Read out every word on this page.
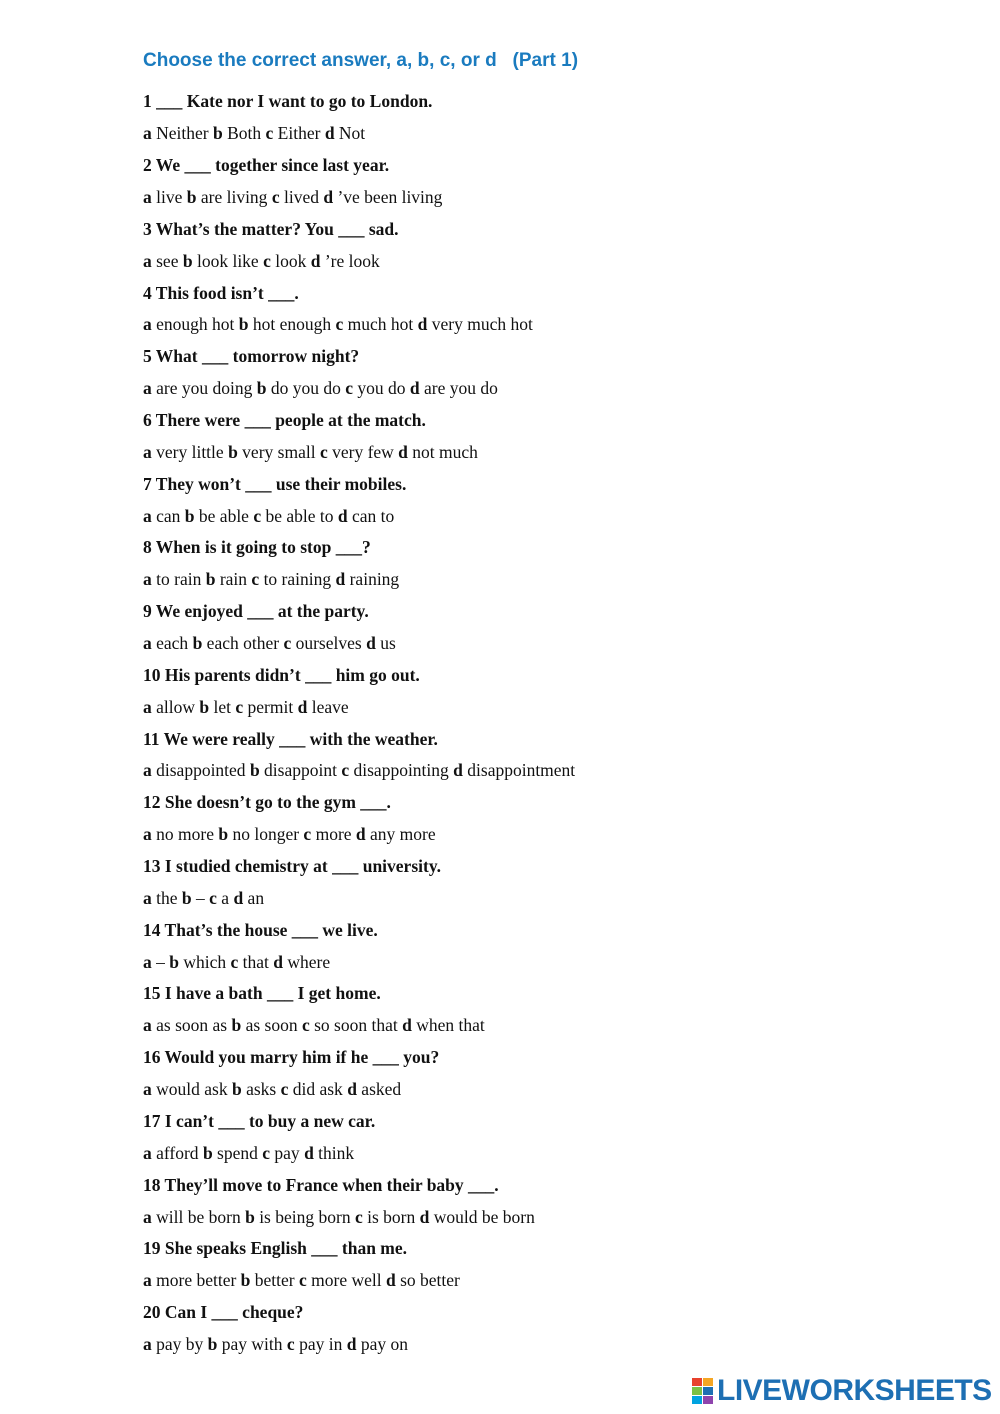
Choose the correct answer, a, b, c, or d   (Part 1)
1 ___ Kate nor I want to go to London.
a Neither b Both c Either d Not
2 We ___ together since last year.
a live b are living c lived d ’ve been living
3 What’s the matter? You ___ sad.
a see b look like c look d ’re look
4 This food isn’t ___.
a enough hot b hot enough c much hot d very much hot
5 What ___ tomorrow night?
a are you doing b do you do c you do d are you do
6 There were ___ people at the match.
a very little b very small c very few d not much
7 They won’t ___ use their mobiles.
a can b be able c be able to d can to
8 When is it going to stop ___?
a to rain b rain c to raining d raining
9 We enjoyed ___ at the party.
a each b each other c ourselves d us
10 His parents didn’t ___ him go out.
a allow b let c permit d leave
11 We were really ___ with the weather.
a disappointed b disappoint c disappointing d disappointment
12 She doesn’t go to the gym ___.
a no more b no longer c more d any more
13 I studied chemistry at ___ university.
a the b – c a d an
14 That’s the house ___ we live.
a – b which c that d where
15 I have a bath ___ I get home.
a as soon as b as soon c so soon that d when that
16 Would you marry him if he ___ you?
a would ask b asks c did ask d asked
17 I can’t ___ to buy a new car.
a afford b spend c pay d think
18 They’ll move to France when their baby ___.
a will be born b is being born c is born d would be born
19 She speaks English ___ than me.
a more better b better c more well d so better
20 Can I ___ cheque?
a pay by b pay with c pay in d pay on
LIVEWORKSHEETS
